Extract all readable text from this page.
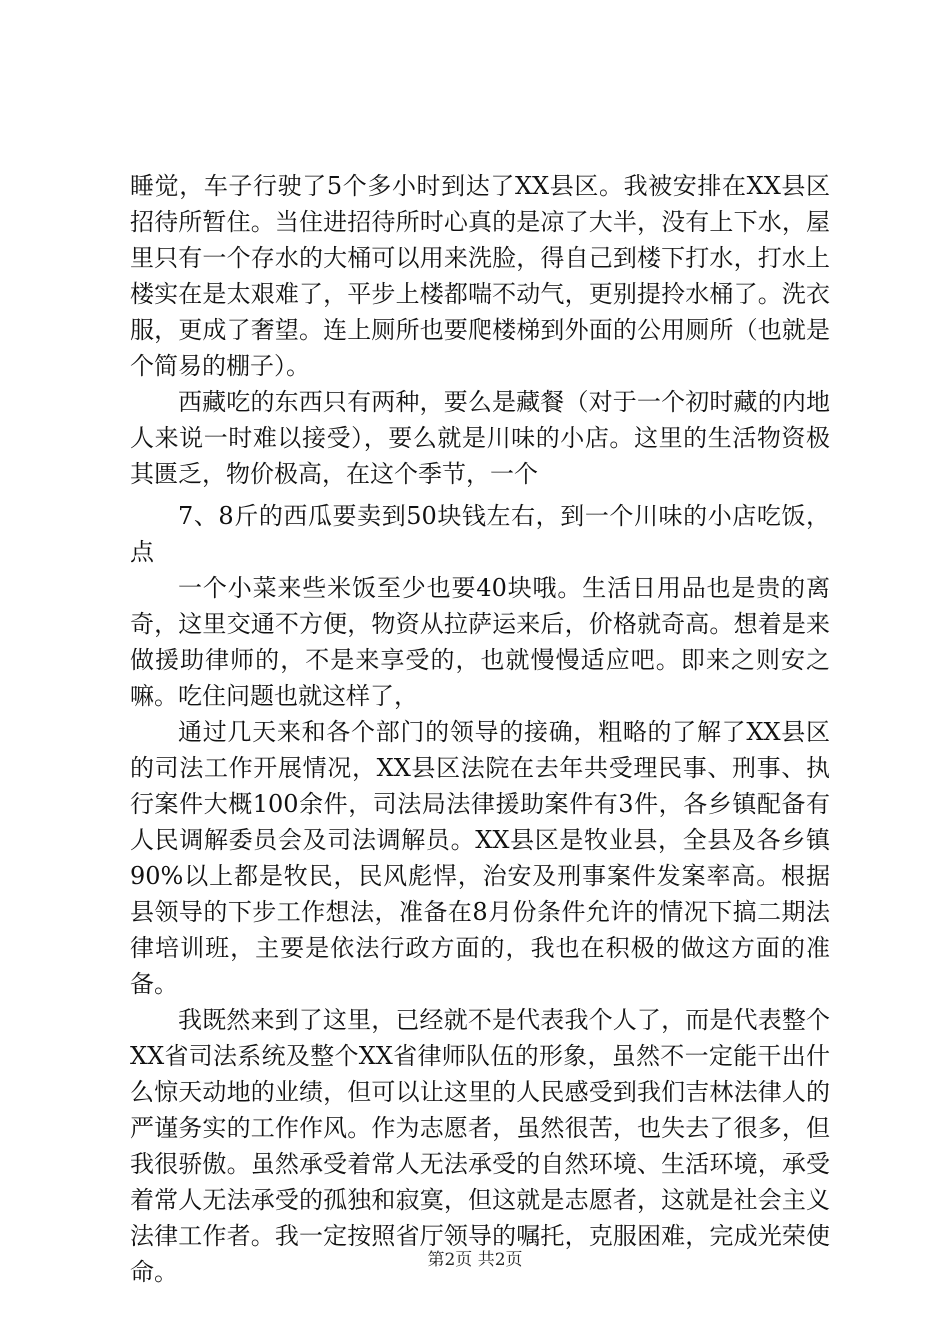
睡觉，车子行驶了5个多小时到达了XX县区。我被安排在XX县区招待所暂住。当住进招待所时心真的是凉了大半，没有上下水，屋里只有一个存水的大桶可以用来洗脸，得自己到楼下打水，打水上楼实在是太艰难了，平步上楼都喘不动气，更别提拎水桶了。洗衣服，更成了奢望。连上厕所也要爬楼梯到外面的公用厕所（也就是个简易的棚子）。

西藏吃的东西只有两种，要么是藏餐（对于一个初时藏的内地人来说一时难以接受），要么就是川味的小店。这里的生活物资极其匮乏，物价极高，在这个季节，一个

7、8斤的西瓜要卖到50块钱左右，到一个川味的小店吃饭，点

一个小菜来些米饭至少也要40块哦。生活日用品也是贵的离奇，这里交通不方便，物资从拉萨运来后，价格就奇高。想着是来做援助律师的，不是来享受的，也就慢慢适应吧。即来之则安之嘛。吃住问题也就这样了，

通过几天来和各个部门的领导的接确，粗略的了解了XX县区的司法工作开展情况，XX县区法院在去年共受理民事、刑事、执行案件大概100余件，司法局法律援助案件有3件，各乡镇配备有人民调解委员会及司法调解员。XX县区是牧业县，全县及各乡镇90%以上都是牧民，民风彪悍，治安及刑事案件发案率高。根据县领导的下步工作想法，准备在8月份条件允许的情况下搞二期法律培训班，主要是依法行政方面的，我也在积极的做这方面的准备。

我既然来到了这里，已经就不是代表我个人了，而是代表整个XX省司法系统及整个XX省律师队伍的形象，虽然不一定能干出什么惊天动地的业绩，但可以让这里的人民感受到我们吉林法律人的严谨务实的工作作风。作为志愿者，虽然很苦，也失去了很多，但我很骄傲。虽然承受着常人无法承受的自然环境、生活环境，承受着常人无法承受的孤独和寂寞，但这就是志愿者，这就是社会主义法律工作者。我一定按照省厅领导的嘱托，克服困难，完成光荣使命。	第2页 共2页
